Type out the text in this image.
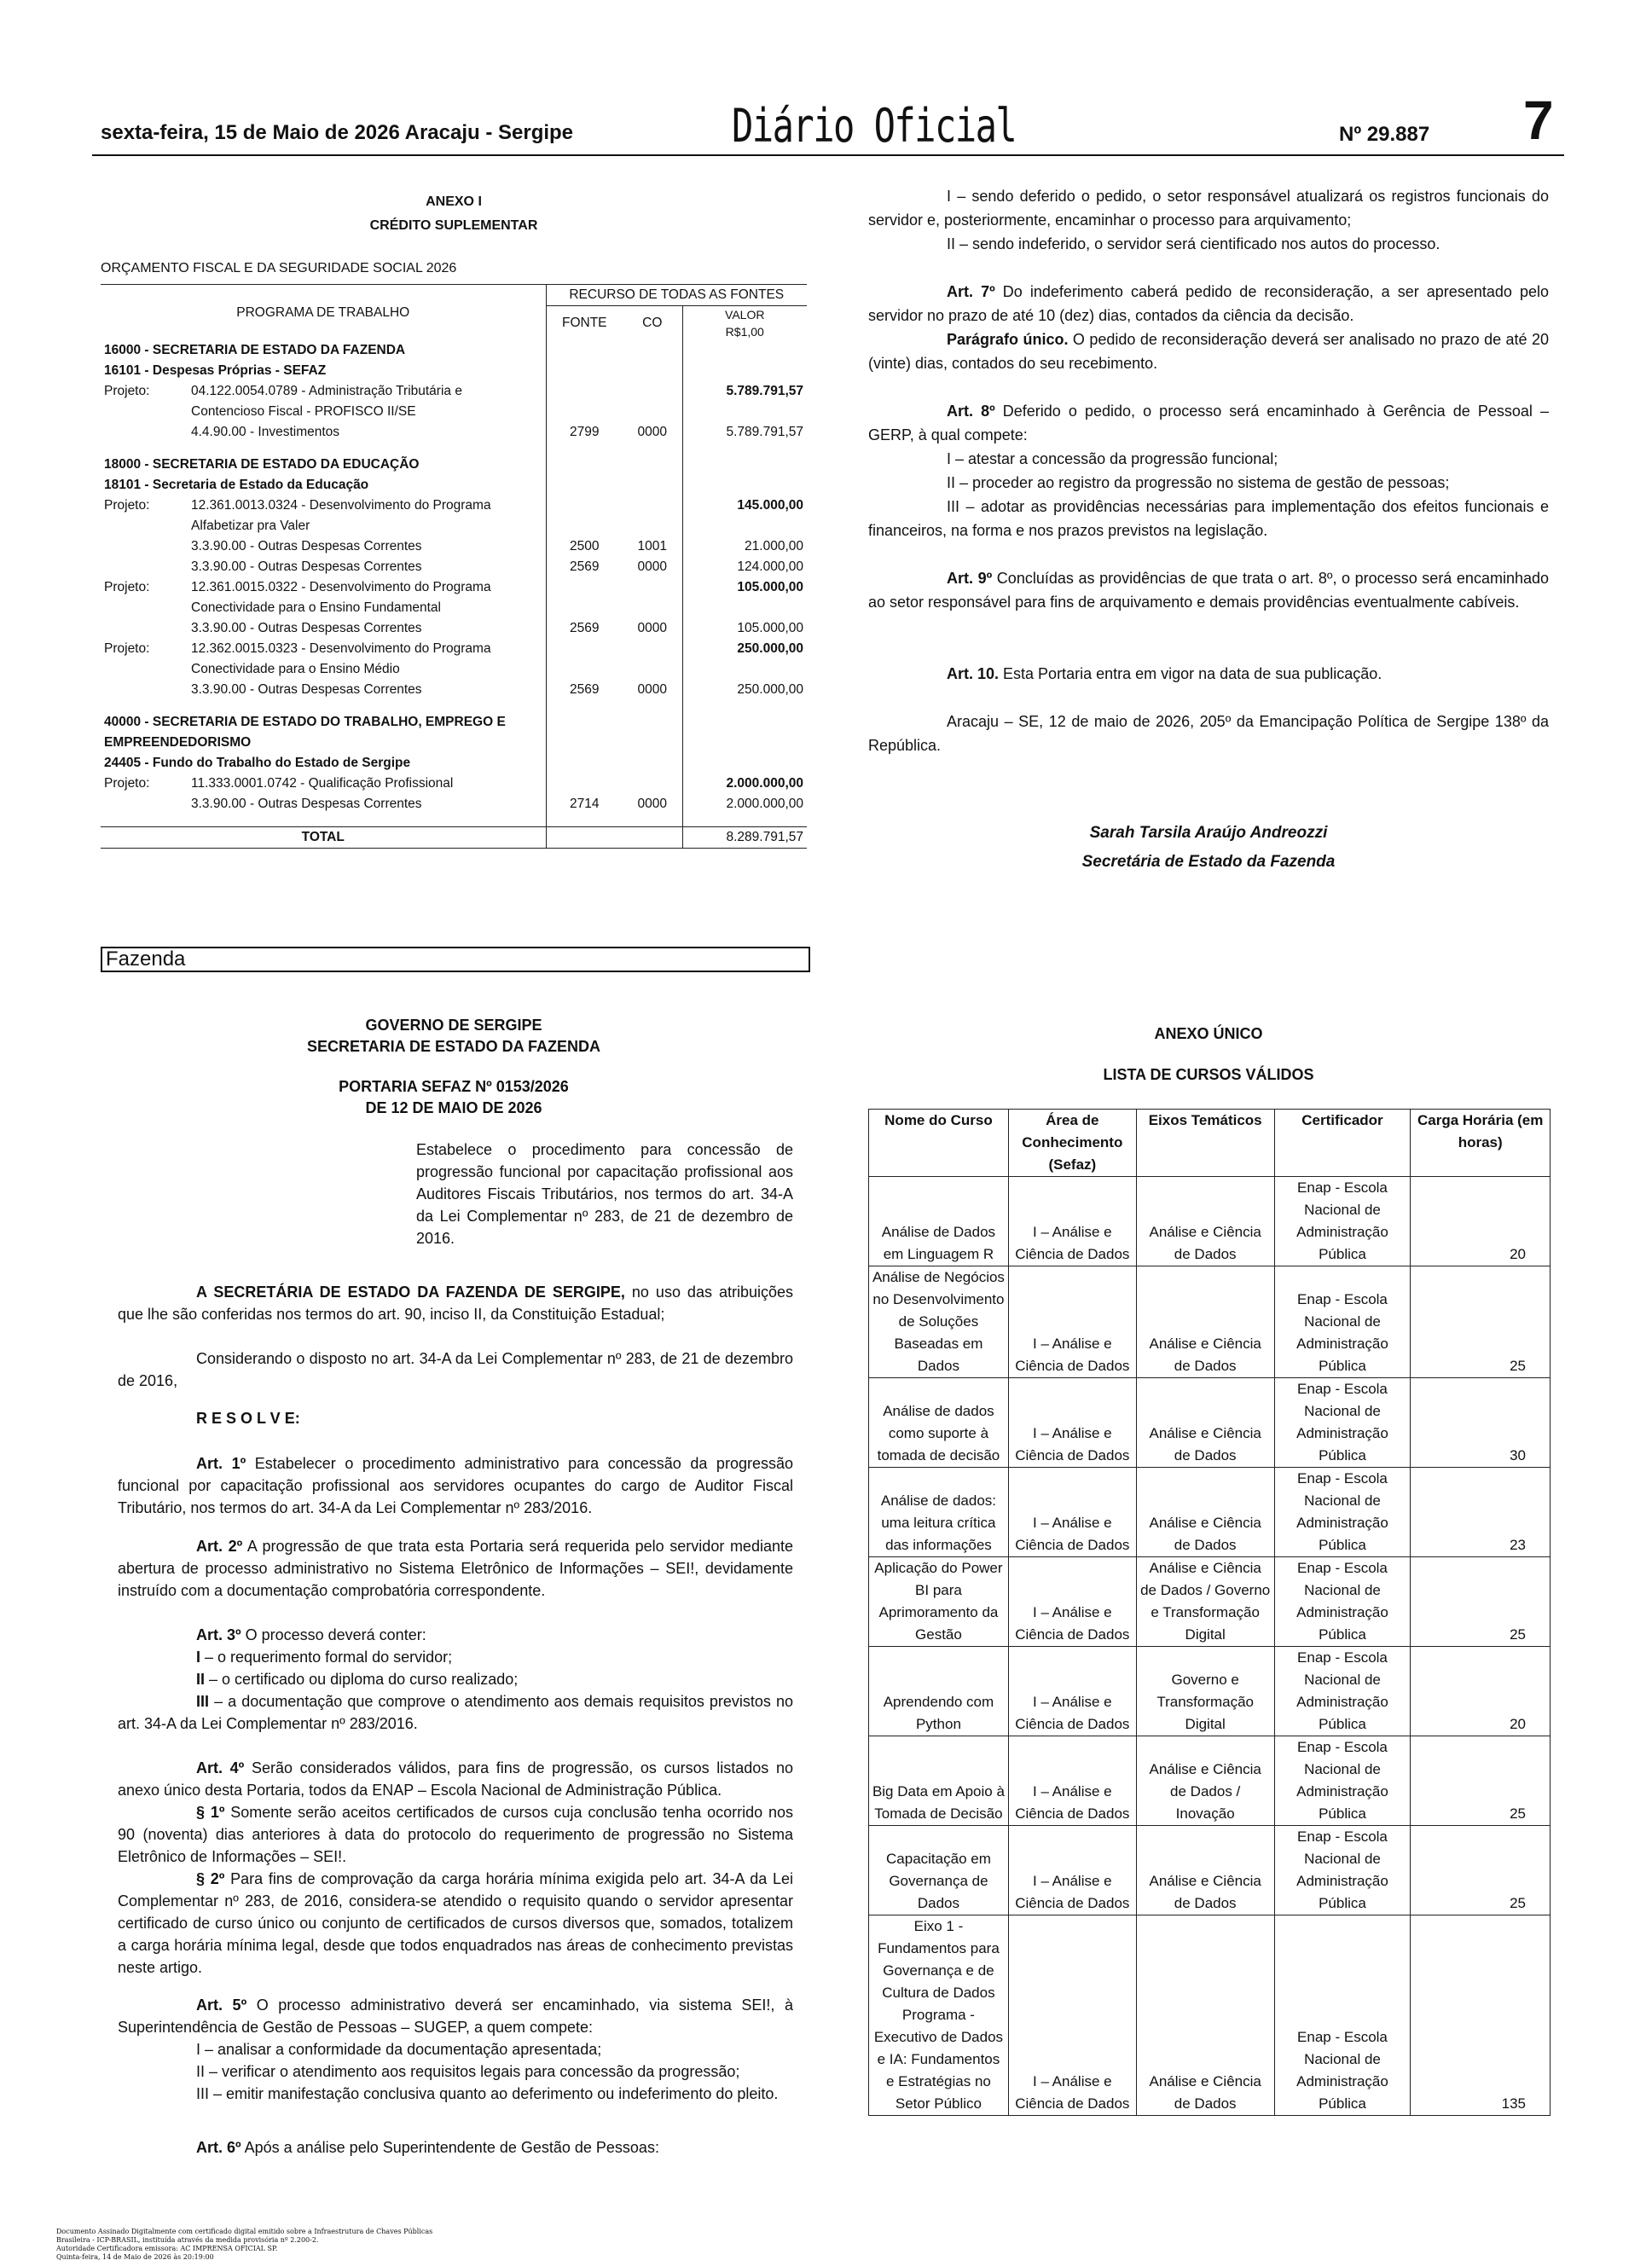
sexta-feira, 15 de Maio de 2026 Aracaju - Sergipe	Diário Oficial	Nº 29.887 7
ANEXO I
CRÉDITO SUPLEMENTAR
ORÇAMENTO FISCAL E DA SEGURIDADE SOCIAL 2026
PROGRAMA DE TRABALHO		RECURSO DE TODAS AS FONTES		
		FONTE	CO	VALOR
R$1,00

16000 - SECRETARIA DE ESTADO DA FAZENDA				
16101 - Despesas Próprias - SEFAZ				
Projeto:	04.122.0054.0789 - Administração Tributária e			5.789.791,57
	Contencioso Fiscal - PROFISCO II/SE			
	4.4.90.00 - Investimentos	2799	0000	5.789.791,57

18000 - SECRETARIA DE ESTADO DA EDUCAÇÃO				
18101 - Secretaria de Estado da Educação				
Projeto:	12.361.0013.0324 - Desenvolvimento do Programa			145.000,00
	Alfabetizar pra Valer			
	3.3.90.00 - Outras Despesas Correntes	2500	1001	21.000,00
	3.3.90.00 - Outras Despesas Correntes	2569	0000	124.000,00
Projeto:	12.361.0015.0322 - Desenvolvimento do Programa			105.000,00
	Conectividade para o Ensino Fundamental			
	3.3.90.00 - Outras Despesas Correntes	2569	0000	105.000,00
Projeto:	12.362.0015.0323 - Desenvolvimento do Programa			250.000,00
	Conectividade para o Ensino Médio			
	3.3.90.00 - Outras Despesas Correntes	2569	0000	250.000,00

40000 - SECRETARIA DE ESTADO DO TRABALHO, EMPREGO E				
EMPREENDEDORISMO				
24405 - Fundo do Trabalho do Estado de Sergipe				
Projeto:	11.333.0001.0742 - Qualificação Profissional			2.000.000,00
	3.3.90.00 - Outras Despesas Correntes	2714	0000	2.000.000,00

TOTAL				8.289.791,57
Fazenda
GOVERNO DE SERGIPE
SECRETARIA DE ESTADO DA FAZENDA
PORTARIA SEFAZ Nº 0153/2026
DE 12 DE MAIO DE 2026
Estabelece o procedimento para concessão de progressão funcional por capacitação profissional aos Auditores Fiscais Tributários, nos termos do art. 34-A da Lei Complementar nº 283, de 21 de dezembro de 2016.

A SECRETÁRIA DE ESTADO DA FAZENDA DE SERGIPE, no uso das atribuições que lhe são conferidas nos termos do art. 90, inciso II, da Constituição Estadual;

Considerando o disposto no art. 34-A da Lei Complementar nº 283, de 21 de dezembro de 2016,

R E S O L V E:

Art. 1º Estabelecer o procedimento administrativo para concessão da progressão funcional por capacitação profissional aos servidores ocupantes do cargo de Auditor Fiscal Tributário, nos termos do art. 34-A da Lei Complementar nº 283/2016.

Art. 2º A progressão de que trata esta Portaria será requerida pelo servidor mediante abertura de processo administrativo no Sistema Eletrônico de Informações – SEI!, devidamente instruído com a documentação comprobatória correspondente.

Art. 3º O processo deverá conter:

I – o requerimento formal do servidor;

II – o certificado ou diploma do curso realizado;

III – a documentação que comprove o atendimento aos demais requisitos previstos no art. 34-A da Lei Complementar nº 283/2016.

Art. 4º Serão considerados válidos, para fins de progressão, os cursos listados no anexo único desta Portaria, todos da ENAP – Escola Nacional de Administração Pública.

§ 1º Somente serão aceitos certificados de cursos cuja conclusão tenha ocorrido nos 90 (noventa) dias anteriores à data do protocolo do requerimento de progressão no Sistema Eletrônico de Informações – SEI!.

§ 2º Para fins de comprovação da carga horária mínima exigida pelo art. 34-A da Lei Complementar nº 283, de 2016, considera-se atendido o requisito quando o servidor apresentar certificado de curso único ou conjunto de certificados de cursos diversos que, somados, totalizem a carga horária mínima legal, desde que todos enquadrados nas áreas de conhecimento previstas neste artigo.

Art. 5º O processo administrativo deverá ser encaminhado, via sistema SEI!, à Superintendência de Gestão de Pessoas – SUGEP, a quem compete:

I – analisar a conformidade da documentação apresentada;

II – verificar o atendimento aos requisitos legais para concessão da progressão;

III – emitir manifestação conclusiva quanto ao deferimento ou indeferimento do pleito.

Art. 6º Após a análise pelo Superintendente de Gestão de Pessoas:

I – sendo deferido o pedido, o setor responsável atualizará os registros funcionais do servidor e, posteriormente, encaminhar o processo para arquivamento;

II – sendo indeferido, o servidor será cientificado nos autos do processo.

Art. 7º Do indeferimento caberá pedido de reconsideração, a ser apresentado pelo servidor no prazo de até 10 (dez) dias, contados da ciência da decisão.

Parágrafo único. O pedido de reconsideração deverá ser analisado no prazo de até 20 (vinte) dias, contados do seu recebimento.

Art. 8º Deferido o pedido, o processo será encaminhado à Gerência de Pessoal – GERP, à qual compete:

I – atestar a concessão da progressão funcional;

II – proceder ao registro da progressão no sistema de gestão de pessoas;

III – adotar as providências necessárias para implementação dos efeitos funcionais e financeiros, na forma e nos prazos previstos na legislação.

Art. 9º Concluídas as providências de que trata o art. 8º, o processo será encaminhado ao setor responsável para fins de arquivamento e demais providências eventualmente cabíveis.

Art. 10. Esta Portaria entra em vigor na data de sua publicação.

Aracaju – SE, 12 de maio de 2026, 205º da Emancipação Política de Sergipe 138º da República.

Sarah Tarsila Araújo Andreozzi
Secretária de Estado da Fazenda
ANEXO ÚNICO
LISTA DE CURSOS VÁLIDOS
Nome do Curso	Área de Conhecimento (Sefaz)	Eixos Temáticos	Certificador	Carga Horária (em horas)
Análise de Dados em Linguagem R	I – Análise e Ciência de Dados	Análise e Ciência de Dados	Enap - Escola Nacional de Administração Pública	20
Análise de Negócios no Desenvolvimento de Soluções Baseadas em Dados	I – Análise e Ciência de Dados	Análise e Ciência de Dados	Enap - Escola Nacional de Administração Pública	25
Análise de dados como suporte à tomada de decisão	I – Análise e Ciência de Dados	Análise e Ciência de Dados	Enap - Escola Nacional de Administração Pública	30
Análise de dados: uma leitura crítica das informações	I – Análise e Ciência de Dados	Análise e Ciência de Dados	Enap - Escola Nacional de Administração Pública	23
Aplicação do Power BI para Aprimoramento da Gestão	I – Análise e Ciência de Dados	Análise e Ciência de Dados / Governo e Transformação Digital	Enap - Escola Nacional de Administração Pública	25
Aprendendo com Python	I – Análise e Ciência de Dados	Governo e Transformação Digital	Enap - Escola Nacional de Administração Pública	20
Big Data em Apoio à Tomada de Decisão	I – Análise e Ciência de Dados	Análise e Ciência de Dados / Inovação	Enap - Escola Nacional de Administração Pública	25
Capacitação em Governança de Dados	I – Análise e Ciência de Dados	Análise e Ciência de Dados	Enap - Escola Nacional de Administração Pública	25
Eixo 1 - Fundamentos para Governança e de Cultura de Dados Programa - Executivo de Dados e IA: Fundamentos e Estratégias no Setor Público	I – Análise e Ciência de Dados	Análise e Ciência de Dados	Enap - Escola Nacional de Administração Pública	135
Documento Assinado Digitalmente com certificado digital emitido sobre a Infraestrutura de Chaves Públicas
Brasileira - ICP-BRASIL, instituída através da medida provisória nº 2.200-2.
Autoridade Certificadora emissora: AC IMPRENSA OFICIAL SP.
Quinta-feira, 14 de Maio de 2026 às 20:19:00
